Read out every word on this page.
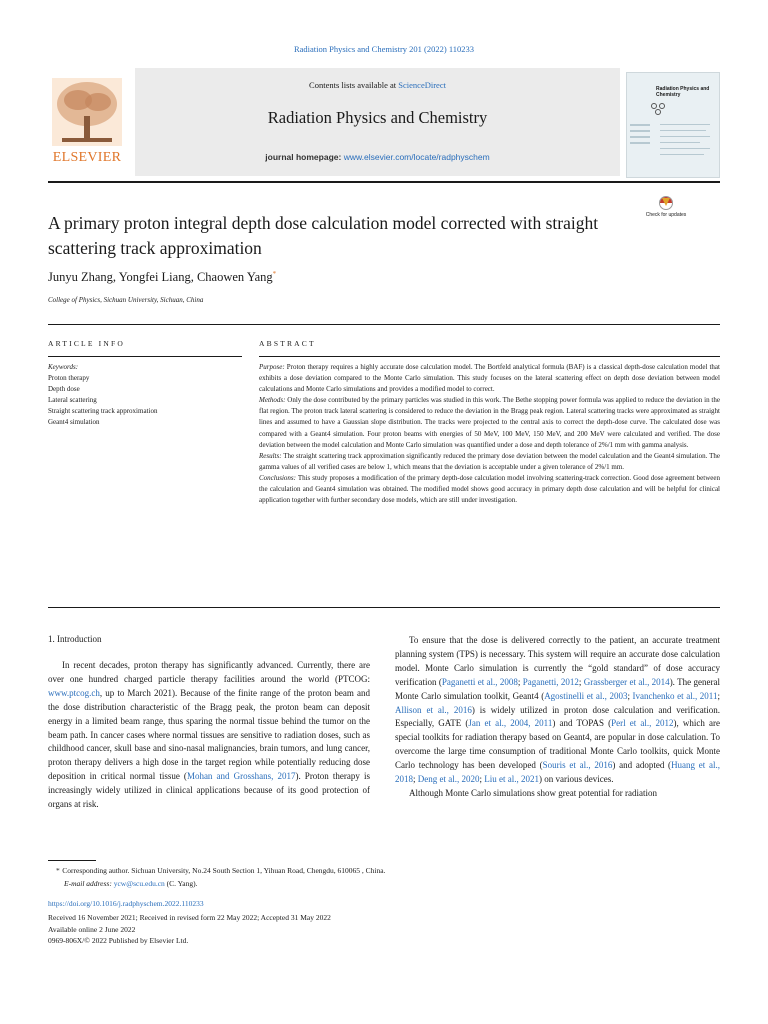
Radiation Physics and Chemistry 201 (2022) 110233
Contents lists available at ScienceDirect
Radiation Physics and Chemistry
journal homepage: www.elsevier.com/locate/radphyschem
ELSEVIER
Radiation Physics and Chemistry
A primary proton integral depth dose calculation model corrected with straight scattering track approximation
Check for updates
Junyu Zhang, Yongfei Liang, Chaowen Yang*
College of Physics, Sichuan University, Sichuan, China
ARTICLE INFO	ABSTRACT
Keywords:
Proton therapy
Depth dose
Lateral scattering
Straight scattering track approximation
Geant4 simulation

Purpose: Proton therapy requires a highly accurate dose calculation model. The Bortfeld analytical formula (BAF) is a classical depth-dose calculation model that exhibits a dose deviation compared to the Monte Carlo simulation. This study focuses on the lateral scattering effect on depth dose deviation between model calculations and Monte Carlo simulations and provides a modified model to correct.

Methods: Only the dose contributed by the primary particles was studied in this work. The Bethe stopping power formula was applied to reduce the deviation in the flat region. The proton track lateral scattering is considered to reduce the deviation in the Bragg peak region. Lateral scattering tracks were approximated as straight lines and assumed to have a Gaussian slope distribution. The tracks were projected to the central axis to correct the depth-dose curve. The calculated dose was compared with a Geant4 simulation. Four proton beams with energies of 50 MeV, 100 MeV, 150 MeV, and 200 MeV were calculated and verified. The dose deviation between the model calculation and Monte Carlo simulation was quantified under a dose and depth tolerance of 2%/1 mm with gamma analysis.

Results: The straight scattering track approximation significantly reduced the primary dose deviation between the model calculation and the Geant4 simulation. The gamma values of all verified cases are below 1, which means that the deviation is acceptable under a given tolerance of 2%/1 mm.

Conclusions: This study proposes a modification of the primary depth-dose calculation model involving scattering-track correction. Good dose agreement between the calculation and Geant4 simulation was obtained. The modified model shows good accuracy in primary depth dose calculation and will be helpful for clinical application together with further secondary dose models, which are still under investigation.

1. Introduction

In recent decades, proton therapy has significantly advanced. Currently, there are over one hundred charged particle therapy facilities around the world (PTCOG: www.ptcog.ch, up to March 2021). Because of the finite range of the proton beam and the dose distribution characteristic of the Bragg peak, the proton beam can deposit energy in a limited beam range, thus sparing the normal tissue behind the tumor on the beam path. In cancer cases where normal tissues are sensitive to radiation doses, such as childhood cancer, skull base and sino-nasal malignancies, brain tumors, and lung cancer, proton therapy delivers a high dose in the target region while potentially reducing dose deposition in critical normal tissue (Mohan and Grosshans, 2017). Proton therapy is increasingly widely utilized in clinical applications because of its good protection of organs at risk.

To ensure that the dose is delivered correctly to the patient, an accurate treatment planning system (TPS) is necessary. This system will require an accurate dose calculation model. Monte Carlo simulation is currently the “gold standard” of dose accuracy verification (Paganetti et al., 2008; Paganetti, 2012; Grassberger et al., 2014). The general Monte Carlo simulation toolkit, Geant4 (Agostinelli et al., 2003; Ivanchenko et al., 2011; Allison et al., 2016) is widely utilized in proton dose calculation and verification. Especially, GATE (Jan et al., 2004, 2011) and TOPAS (Perl et al., 2012), which are special toolkits for radiation therapy based on Geant4, are popular in dose calculation. To overcome the large time consumption of traditional Monte Carlo toolkits, quick Monte Carlo technology has been developed (Souris et al., 2016) and adopted (Huang et al., 2018; Deng et al., 2020; Liu et al., 2021) on various devices.

Although Monte Carlo simulations show great potential for radiation

* Corresponding author. Sichuan University, No.24 South Section 1, Yihuan Road, Chengdu, 610065 , China.
E-mail address: ycw@scu.edu.cn (C. Yang).
https://doi.org/10.1016/j.radphyschem.2022.110233
Received 16 November 2021; Received in revised form 22 May 2022; Accepted 31 May 2022
Available online 2 June 2022
0969-806X/© 2022 Published by Elsevier Ltd.
